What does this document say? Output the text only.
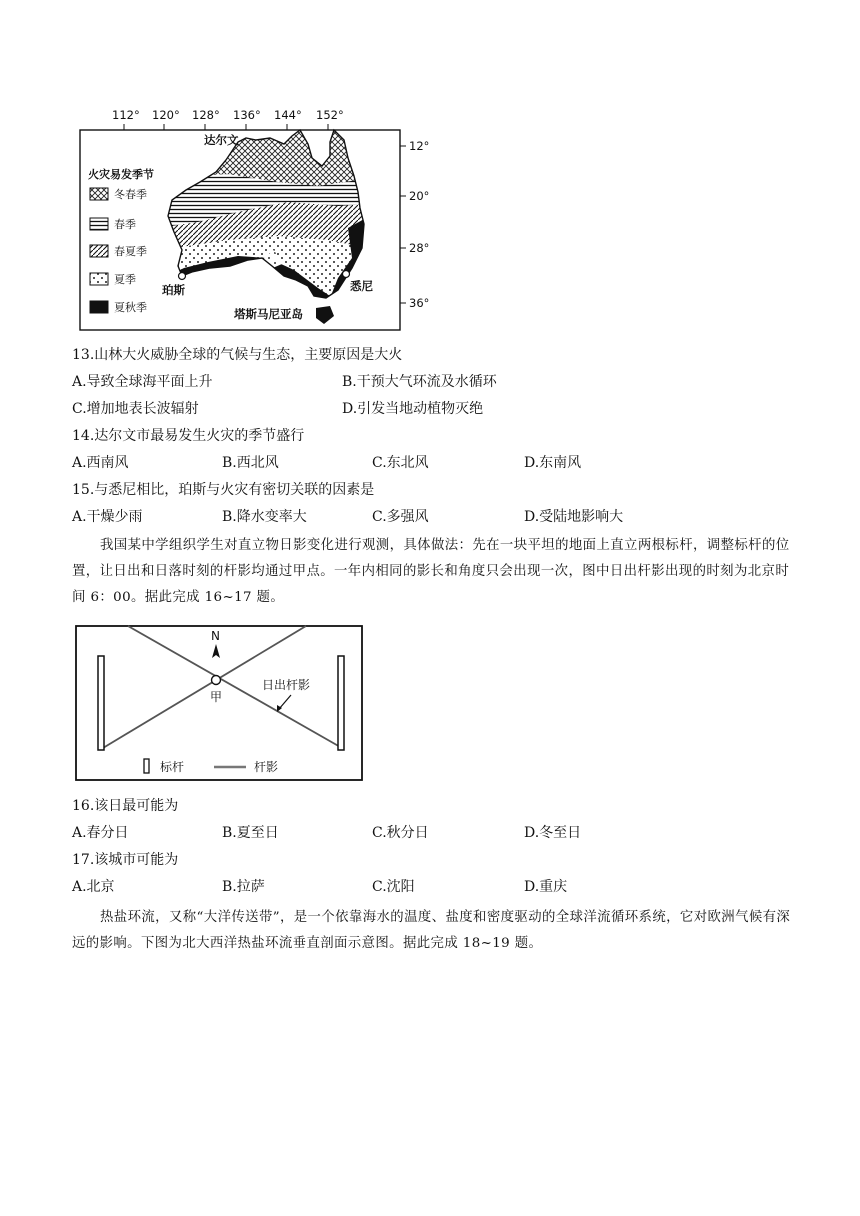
112° 120° 128° 136° 144° 152°
12°
20°
28°
36°
达尔文
珀斯	悉尼
塔斯马尼亚岛
火灾易发季节
冬春季
春季
春夏季
夏季
夏秋季
13.山林大火威胁全球的气候与生态，主要原因是大火
A.导致全球海平面上升	B.干预大气环流及水循环
C.增加地表长波辐射	D.引发当地动植物灭绝
14.达尔文市最易发生火灾的季节盛行
A.西南风	B.西北风	C.东北风	D.东南风
15.与悉尼相比，珀斯与火灾有密切关联的因素是
A.干燥少雨	B.降水变率大	C.多强风	D.受陆地影响大
我国某中学组织学生对直立物日影变化进行观测，具体做法：先在一块平坦的地面上直立两根标杆，调整标杆的位置，让日出和日落时刻的杆影均通过甲点。一年内相同的影长和角度只会出现一次，图中日出杆影出现的时刻为北京时间 6：00。据此完成 16~17 题。
N
甲
日出杆影
标杆	杆影
16.该日最可能为
A.春分日	B.夏至日	C.秋分日	D.冬至日
17.该城市可能为
A.北京	B.拉萨	C.沈阳	D.重庆
热盐环流，又称“大洋传送带”，是一个依靠海水的温度、盐度和密度驱动的全球洋流循环系统，它对欧洲气候有深远的影响。下图为北大西洋热盐环流垂直剖面示意图。据此完成 18~19 题。
